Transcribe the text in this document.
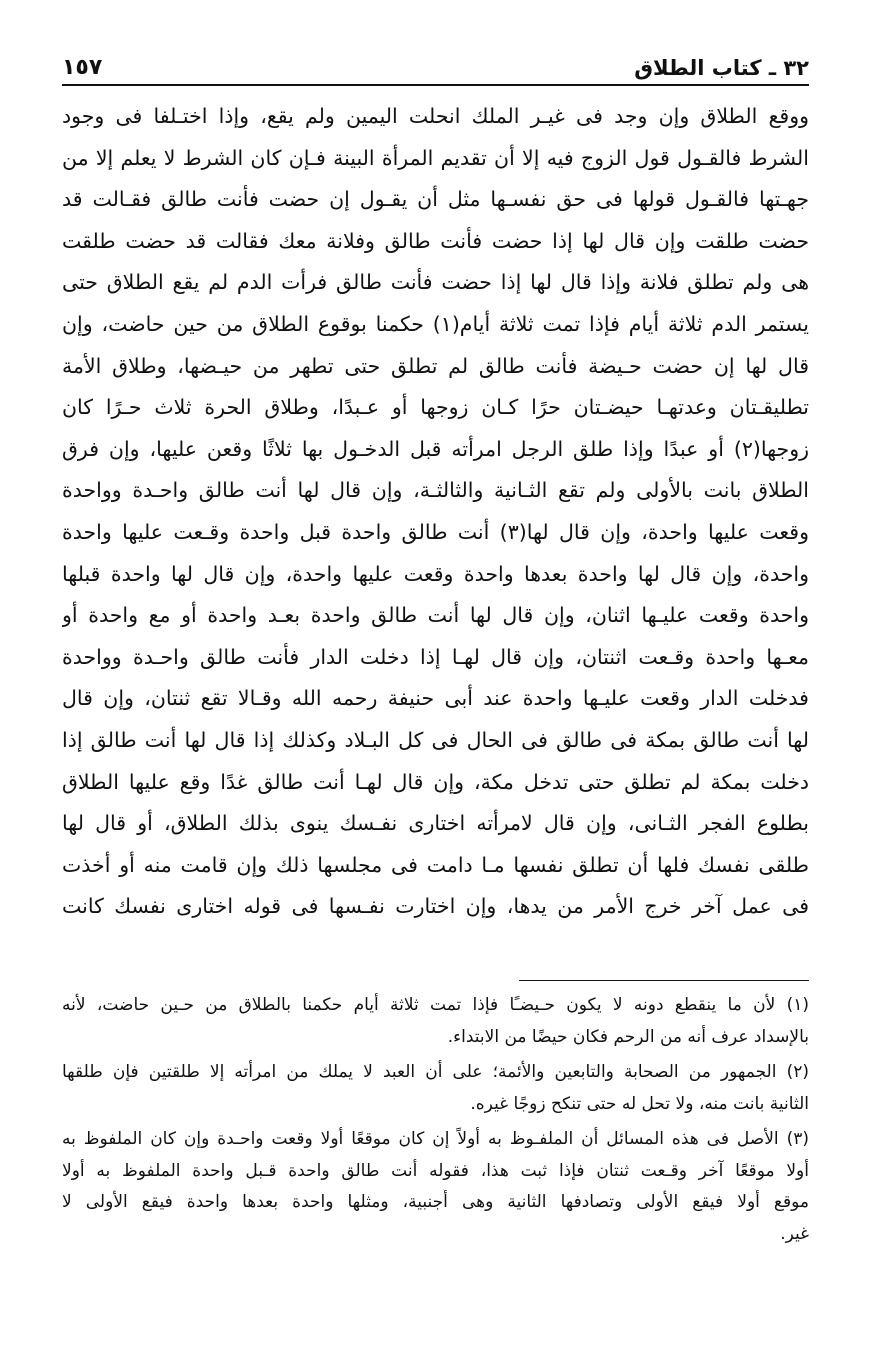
٣٢ ـ كتاب الطلاق
١٥٧
ووقع الطلاق وإن وجد فى غيـر الملك انحلت اليمين ولم يقع، وإذا اختـلفا فى وجود
الشرط فالقـول قول الزوج فيه إلا أن تقديم المرأة البينة فـإن كان الشرط لا يعلم إلا من
جهـتها فالقـول قولها فى حق نفسـها مثل أن يقـول إن حضت فأنت طالق فقـالت قد
حضت طلقت وإن قال لها إذا حضت فأنت طالق وفلانة معك فقالت قد حضت طلقت
هى ولم تطلق فلانة وإذا قال لها إذا حضت فأنت طالق فرأت الدم لم يقع الطلاق حتى
يستمر الدم ثلاثة أيام فإذا تمت ثلاثة أيام(١) حكمنا بوقوع الطلاق من حين حاضت، وإن
قال لها إن حضت حـيضة فأنت طالق لم تطلق حتى تطهر من حيـضها، وطلاق الأمة
تطليقـتان وعدتهـا حيضـتان حرًا كـان زوجها أو عـبدًا، وطلاق الحرة ثلاث حـرًا كان
زوجها(٢) أو عبدًا وإذا طلق الرجل امرأته قبل الدخـول بها ثلاثًا وقعن عليها، وإن فرق
الطلاق بانت بالأولى ولم تقع الثـانية والثالثـة، وإن قال لها أنت طالق واحـدة وواحدة
وقعت عليها واحدة، وإن قال لها(٣) أنت طالق واحدة قبل واحدة وقـعت عليها واحدة
واحدة، وإن قال لها واحدة بعدها واحدة وقعت عليها واحدة، وإن قال لها واحدة قبلها
واحدة وقعت عليـها اثنان، وإن قال لها أنت طالق واحدة بعـد واحدة أو مع واحدة أو
معـها واحدة وقـعت اثنتان، وإن قال لهـا إذا دخلت الدار فأنت طالق واحـدة وواحدة
فدخلت الدار وقعت عليـها واحدة عند أبى حنيفة رحمه الله وقـالا تقع ثنتان، وإن قال
لها أنت طالق بمكة فى طالق فى الحال فى كل البـلاد وكذلك إذا قال لها أنت طالق إذا
دخلت بمكة لم تطلق حتى تدخل مكة، وإن قال لهـا أنت طالق غدًا وقع عليها الطلاق
بطلوع الفجر الثـانى، وإن قال لامرأته اختارى نفـسك ينوى بذلك الطلاق، أو قال لها
طلقى نفسك فلها أن تطلق نفسها مـا دامت فى مجلسها ذلك وإن قامت منه أو أخذت
فى عمل آخر خرج الأمر من يدها، وإن اختارت نفـسها فى قوله اختارى نفسك كانت
(١) لأن ما ينقطع دونه لا يكون حـيضـًا فإذا تمت ثلاثة أيام حكمنا بالطلاق من حـين حاضت، لأنه
بالإسداد عرف أنه من الرحم فكان حيضًا من الابتداء.
(٢) الجمهور من الصحابة والتابعين والأئمة؛ على أن العبد لا يملك من امرأته إلا طلقتين فإن طلقها
الثانية بانت منه، ولا تحل له حتى تنكح زوجًا غيره.
(٣) الأصل فى هذه المسائل أن الملفـوظ به أولاً إن كان موقعًا أولا وقعت واحـدة وإن كان الملفوظ به
أولا موقعًا آخر وقـعت ثنتان فإذا ثبت هذا، فقوله أنت طالق واحدة قـبل واحدة الملفوظ به أولا
موقع أولا فيقع الأولى وتصادفها الثانية وهى أجنبية، ومثلها واحدة بعدها واحدة فيقع الأولى لا
غير.
